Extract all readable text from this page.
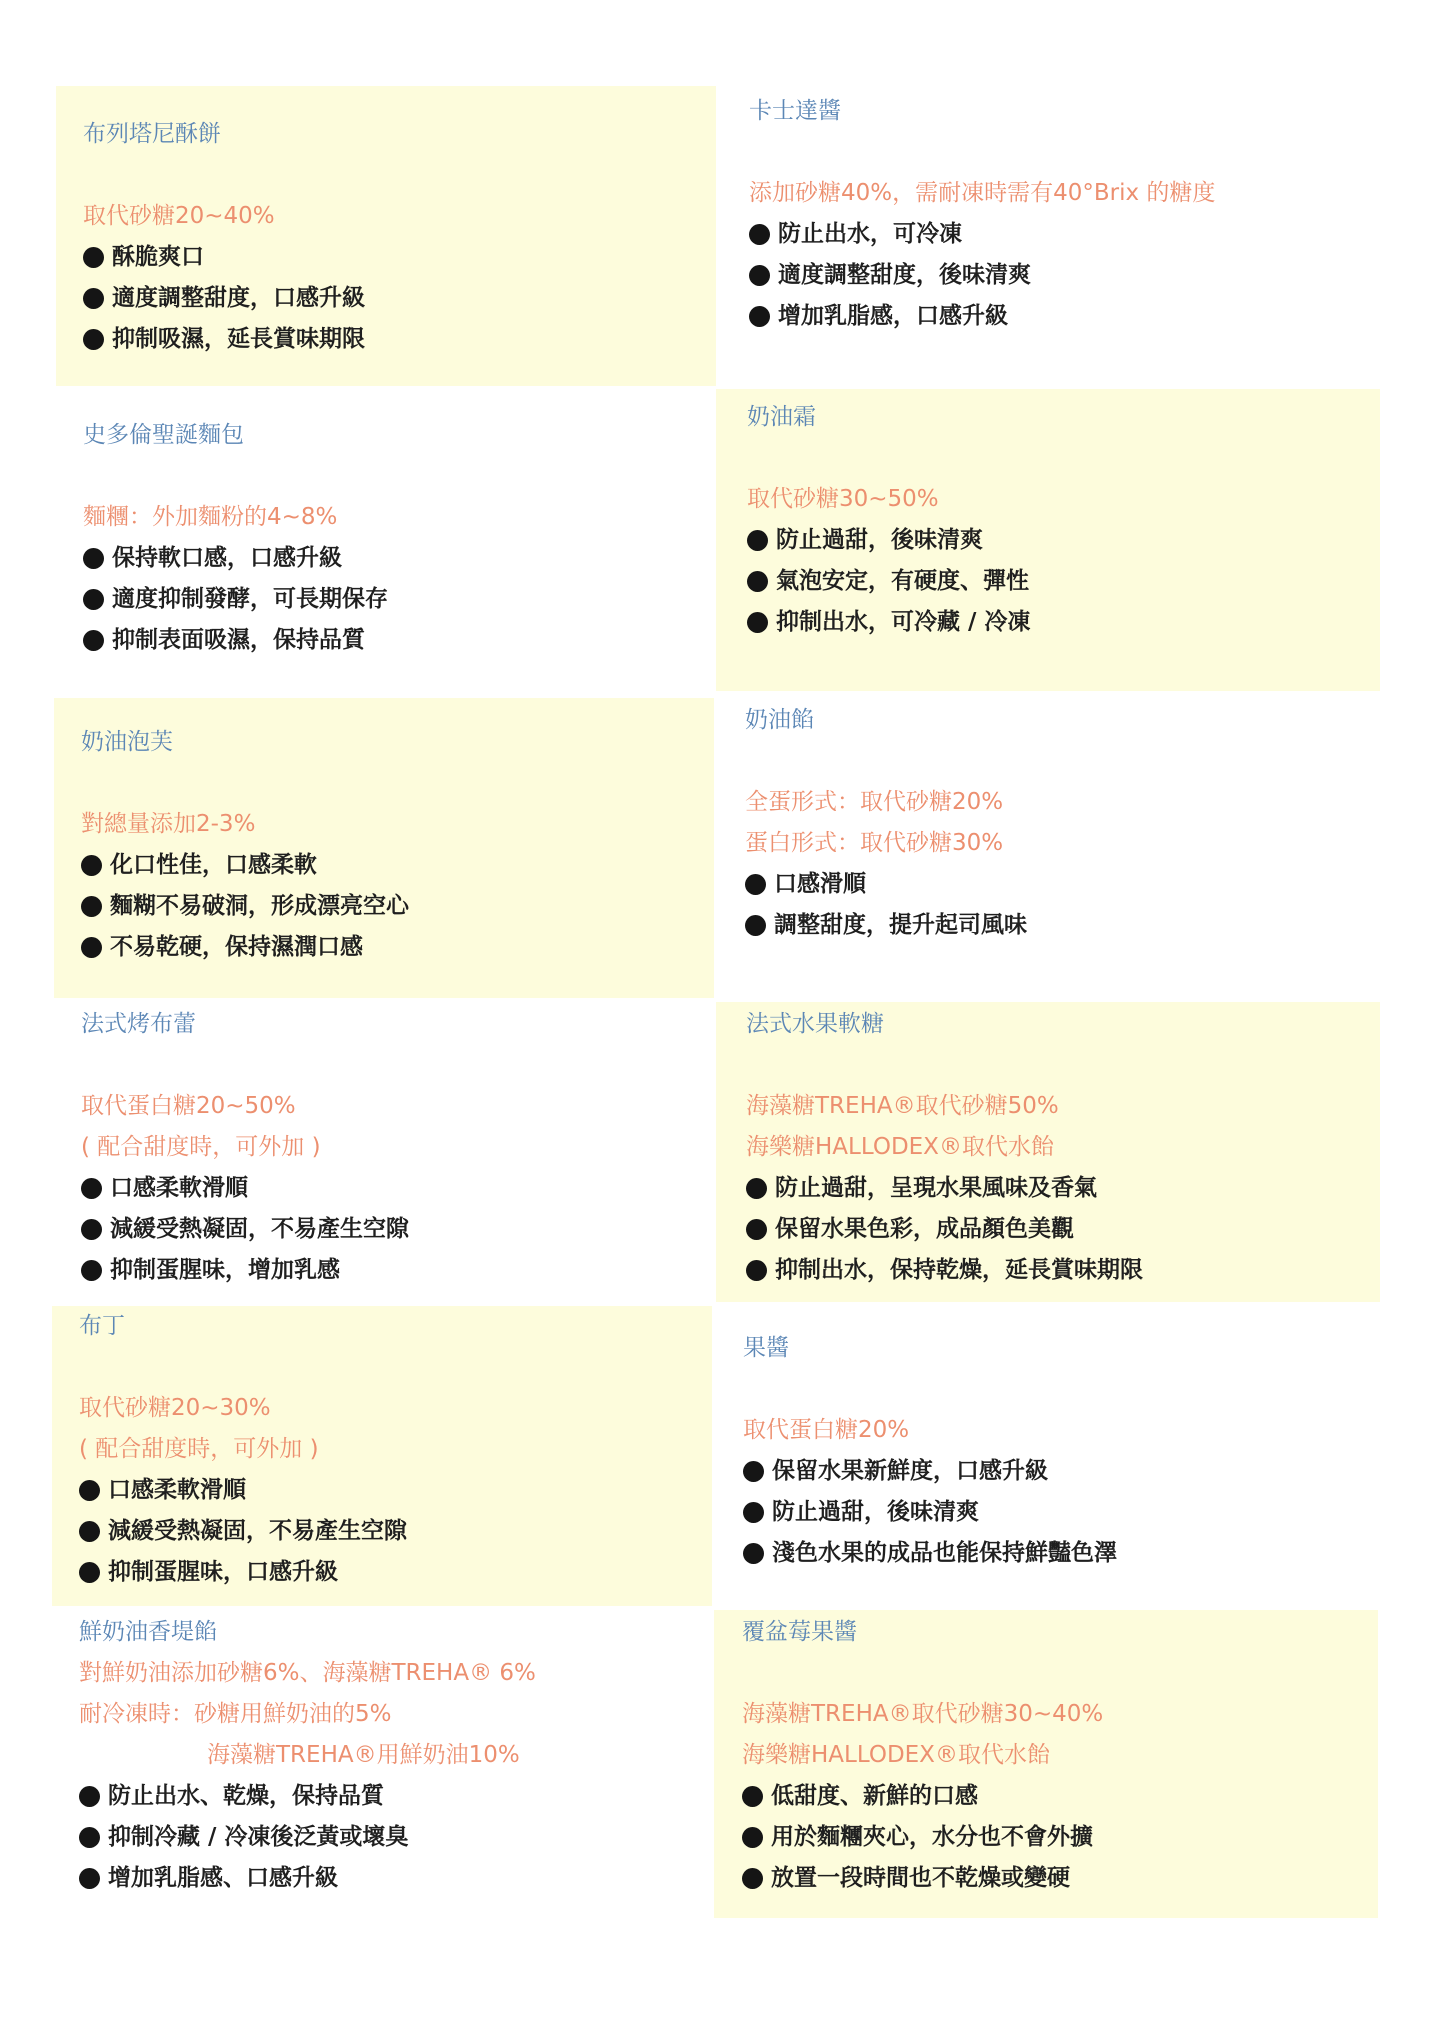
布列塔尼酥餅
取代砂糖20~40%
酥脆爽口
適度調整甜度，口感升級
抑制吸濕，延長賞味期限
卡士達醬
添加砂糖40%，需耐凍時需有40°Brix 的糖度
防止出水，可冷凍
適度調整甜度，後味清爽
增加乳脂感，口感升級
史多倫聖誕麵包
麵糰：外加麵粉的4~8%
保持軟口感，口感升級
適度抑制發酵，可長期保存
抑制表面吸濕，保持品質
奶油霜
取代砂糖30~50%
防止過甜，後味清爽
氣泡安定，有硬度、彈性
抑制出水，可冷藏 / 冷凍
奶油泡芙
對總量添加2-3%
化口性佳，口感柔軟
麵糊不易破洞，形成漂亮空心
不易乾硬，保持濕潤口感
奶油餡
全蛋形式：取代砂糖20%
蛋白形式：取代砂糖30%
口感滑順
調整甜度，提升起司風味
法式烤布蕾
取代蛋白糖20~50%
( 配合甜度時，可外加 )
口感柔軟滑順
減緩受熱凝固，不易產生空隙
抑制蛋腥味，增加乳感
法式水果軟糖
海藻糖TREHA®取代砂糖50%
海樂糖HALLODEX®取代水飴
防止過甜，呈現水果風味及香氣
保留水果色彩，成品顏色美觀
抑制出水，保持乾燥，延長賞味期限
布丁
取代砂糖20~30%
( 配合甜度時，可外加 )
口感柔軟滑順
減緩受熱凝固，不易產生空隙
抑制蛋腥味，口感升級
果醬
取代蛋白糖20%
保留水果新鮮度，口感升級
防止過甜，後味清爽
淺色水果的成品也能保持鮮豔色澤
鮮奶油香堤餡
對鮮奶油添加砂糖6%、海藻糖TREHA® 6%
耐冷凍時：砂糖用鮮奶油的5%
海藻糖TREHA®用鮮奶油10%
防止出水、乾燥，保持品質
抑制冷藏 / 冷凍後泛黃或壞臭
增加乳脂感、口感升級
覆盆莓果醬
海藻糖TREHA®取代砂糖30~40%
海樂糖HALLODEX®取代水飴
低甜度、新鮮的口感
用於麵糰夾心，水分也不會外擴
放置一段時間也不乾燥或變硬
